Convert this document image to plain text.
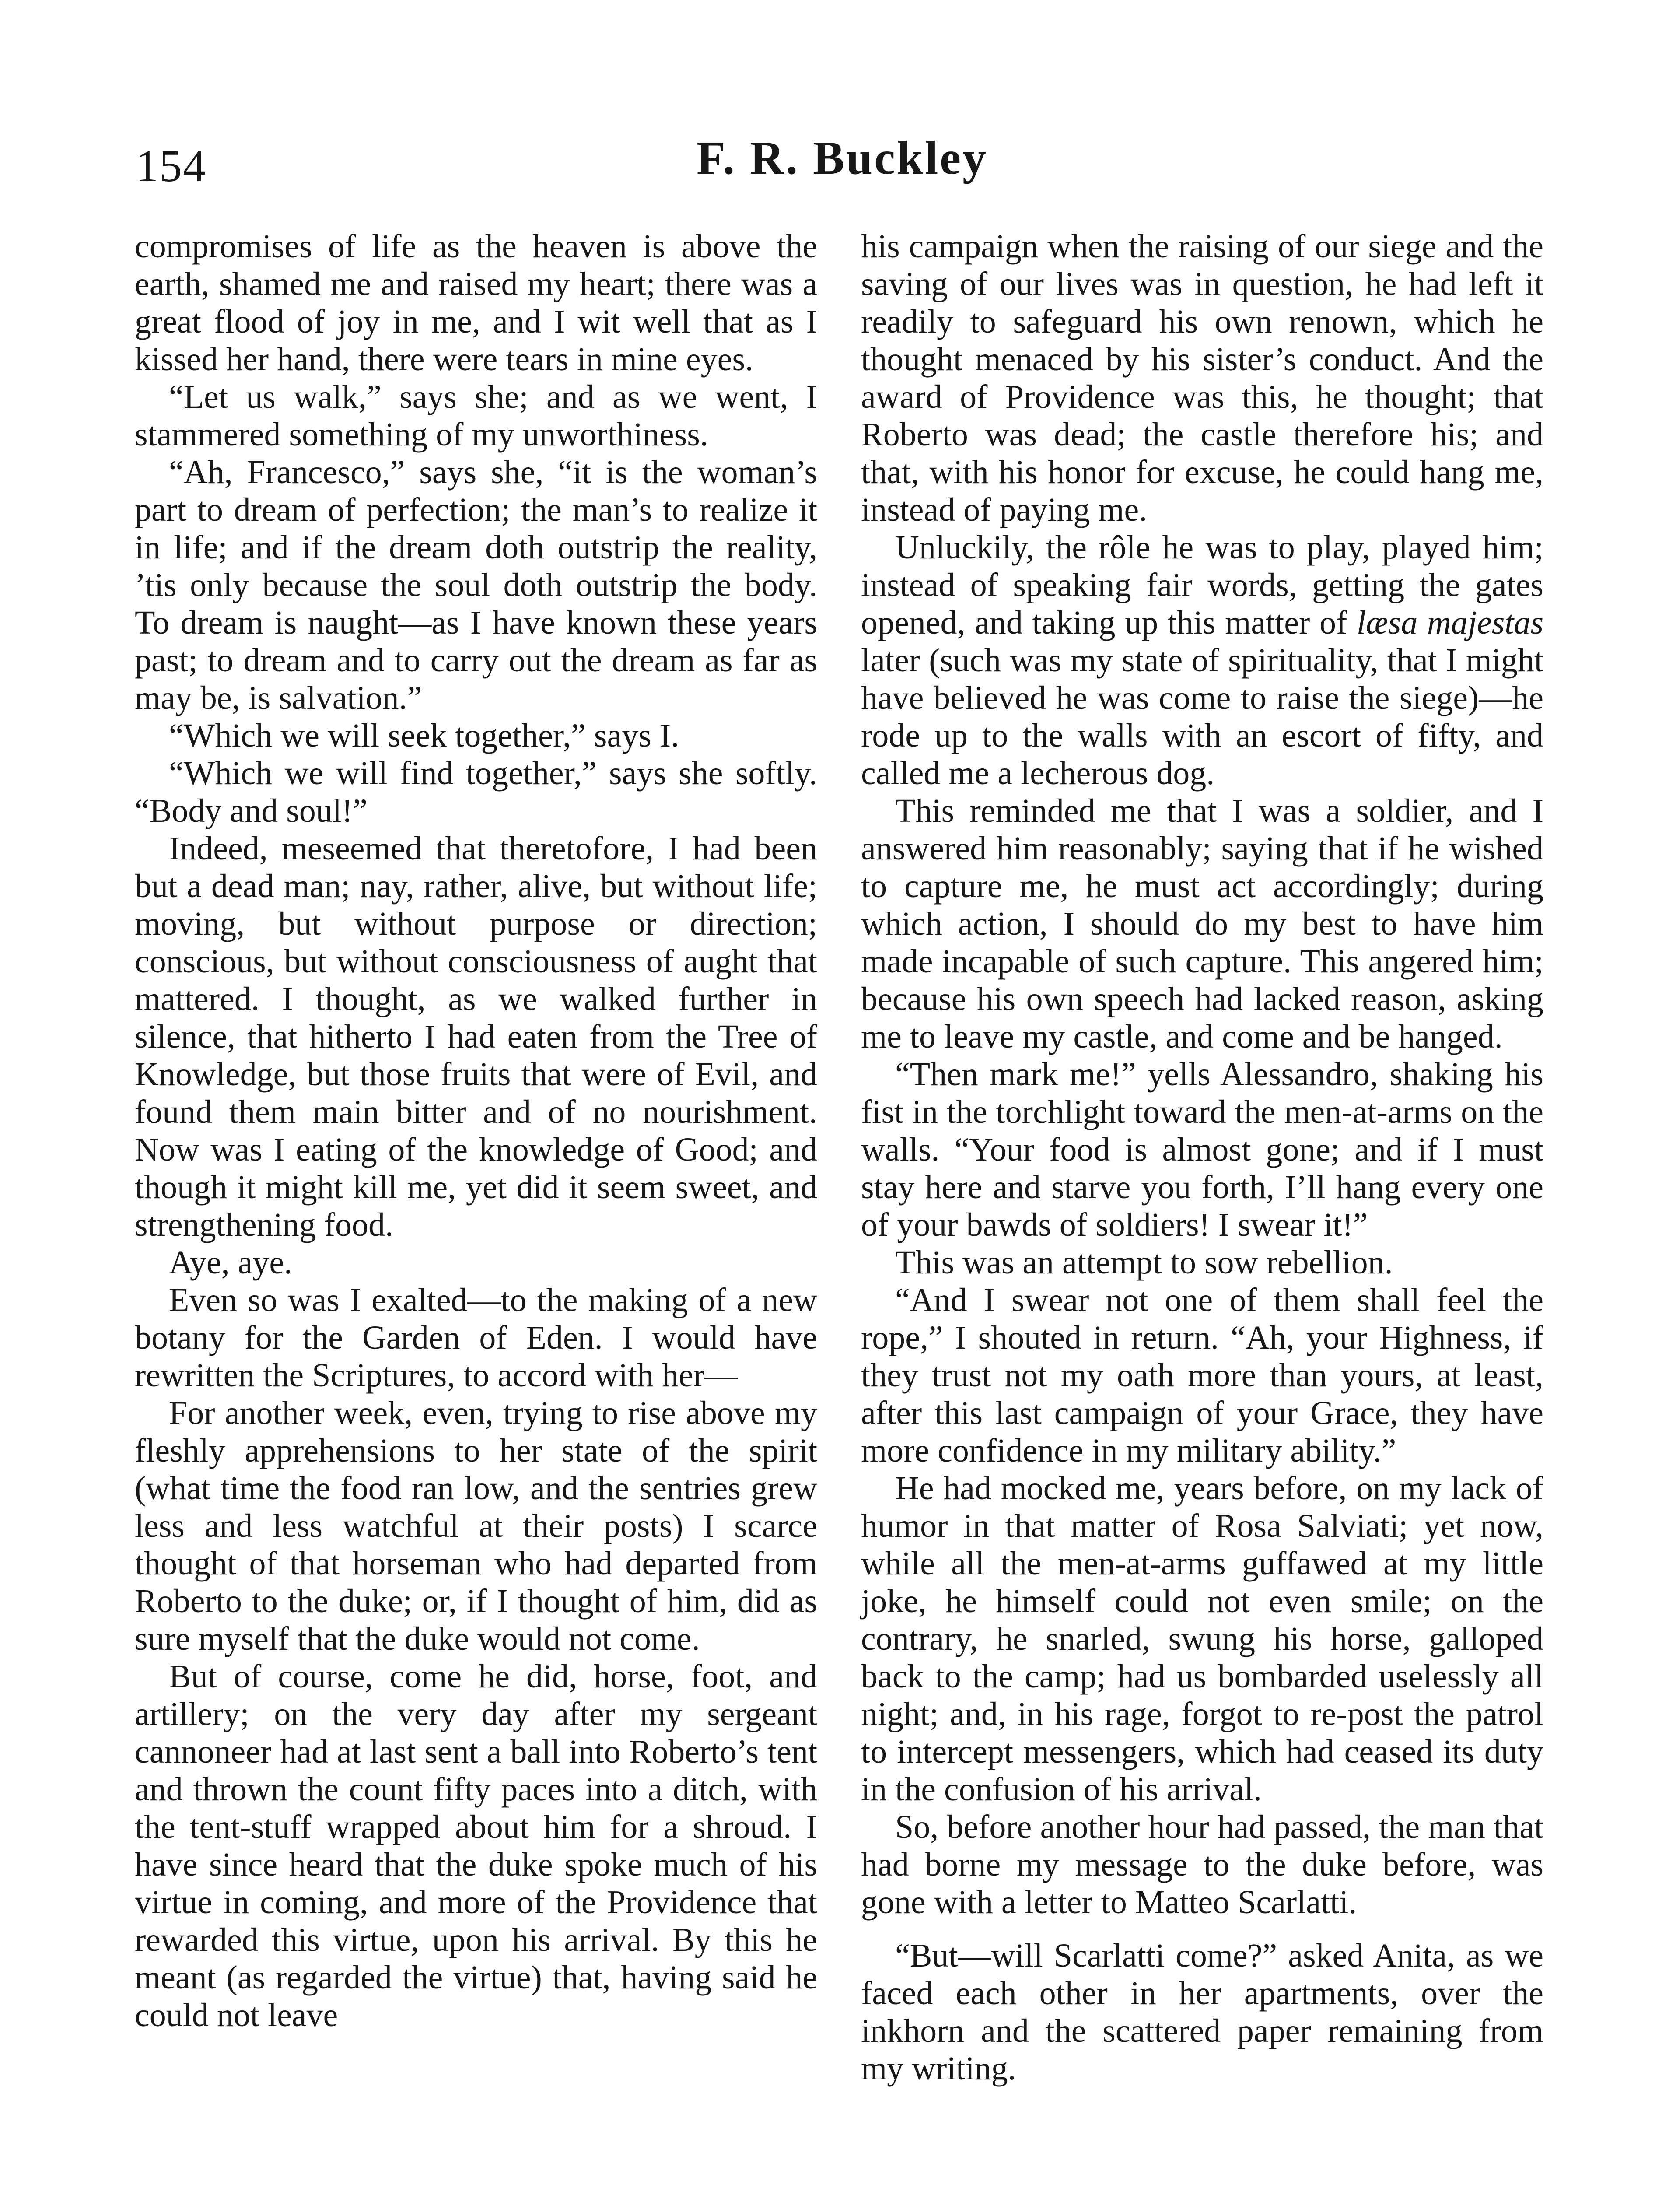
154	F. R. Buckley

compromises of life as the heaven is above the earth, shamed me and raised my heart; there was a great flood of joy in me, and I wit well that as I kissed her hand, there were tears in mine eyes.

“Let us walk,” says she; and as we went, I stammered something of my unworthiness.

“Ah, Francesco,” says she, “it is the woman’s part to dream of perfection; the man’s to realize it in life; and if the dream doth outstrip the reality, ’tis only because the soul doth outstrip the body. To dream is naught—as I have known these years past; to dream and to carry out the dream as far as may be, is salvation.”

“Which we will seek together,” says I.

“Which we will find together,” says she softly. “Body and soul!”

Indeed, meseemed that theretofore, I had been but a dead man; nay, rather, alive, but without life; moving, but without purpose or direction; conscious, but without consciousness of aught that mattered. I thought, as we walked further in silence, that hitherto I had eaten from the Tree of Knowledge, but those fruits that were of Evil, and found them main bitter and of no nourishment. Now was I eating of the knowledge of Good; and though it might kill me, yet did it seem sweet, and strengthening food.

Aye, aye.

Even so was I exalted—to the making of a new botany for the Garden of Eden. I would have rewritten the Scriptures, to accord with her—

For another week, even, trying to rise above my fleshly apprehensions to her state of the spirit (what time the food ran low, and the sentries grew less and less watchful at their posts) I scarce thought of that horseman who had departed from Roberto to the duke; or, if I thought of him, did as sure myself that the duke would not come.

But of course, come he did, horse, foot, and artillery; on the very day after my sergeant cannoneer had at last sent a ball into Roberto’s tent and thrown the count fifty paces into a ditch, with the tent-stuff wrapped about him for a shroud. I have since heard that the duke spoke much of his virtue in coming, and more of the Providence that rewarded this virtue, upon his arrival. By this he meant (as regarded the virtue) that, having said he could not leave

his campaign when the raising of our siege and the saving of our lives was in question, he had left it readily to safeguard his own renown, which he thought menaced by his sister’s conduct. And the award of Providence was this, he thought; that Roberto was dead; the castle therefore his; and that, with his honor for excuse, he could hang me, instead of paying me.

Unluckily, the rôle he was to play, played him; instead of speaking fair words, getting the gates opened, and taking up this matter of læsa majestas later (such was my state of spirituality, that I might have believed he was come to raise the siege)—he rode up to the walls with an escort of fifty, and called me a lecherous dog.

This reminded me that I was a soldier, and I answered him reasonably; saying that if he wished to capture me, he must act accordingly; during which action, I should do my best to have him made incapable of such capture. This angered him; because his own speech had lacked reason, asking me to leave my castle, and come and be hanged.

“Then mark me!” yells Alessandro, shaking his fist in the torchlight toward the men-at-arms on the walls. “Your food is almost gone; and if I must stay here and starve you forth, I’ll hang every one of your bawds of soldiers! I swear it!”

This was an attempt to sow rebellion.

“And I swear not one of them shall feel the rope,” I shouted in return. “Ah, your Highness, if they trust not my oath more than yours, at least, after this last campaign of your Grace, they have more confidence in my military ability.”

He had mocked me, years before, on my lack of humor in that matter of Rosa Salviati; yet now, while all the men-at-arms guffawed at my little joke, he himself could not even smile; on the contrary, he snarled, swung his horse, galloped back to the camp; had us bombarded uselessly all night; and, in his rage, forgot to re-post the patrol to intercept messengers, which had ceased its duty in the confusion of his arrival.

So, before another hour had passed, the man that had borne my message to the duke before, was gone with a letter to Matteo Scarlatti.

“But—will Scarlatti come?” asked Anita, as we faced each other in her apartments, over the inkhorn and the scattered paper remaining from my writing.
